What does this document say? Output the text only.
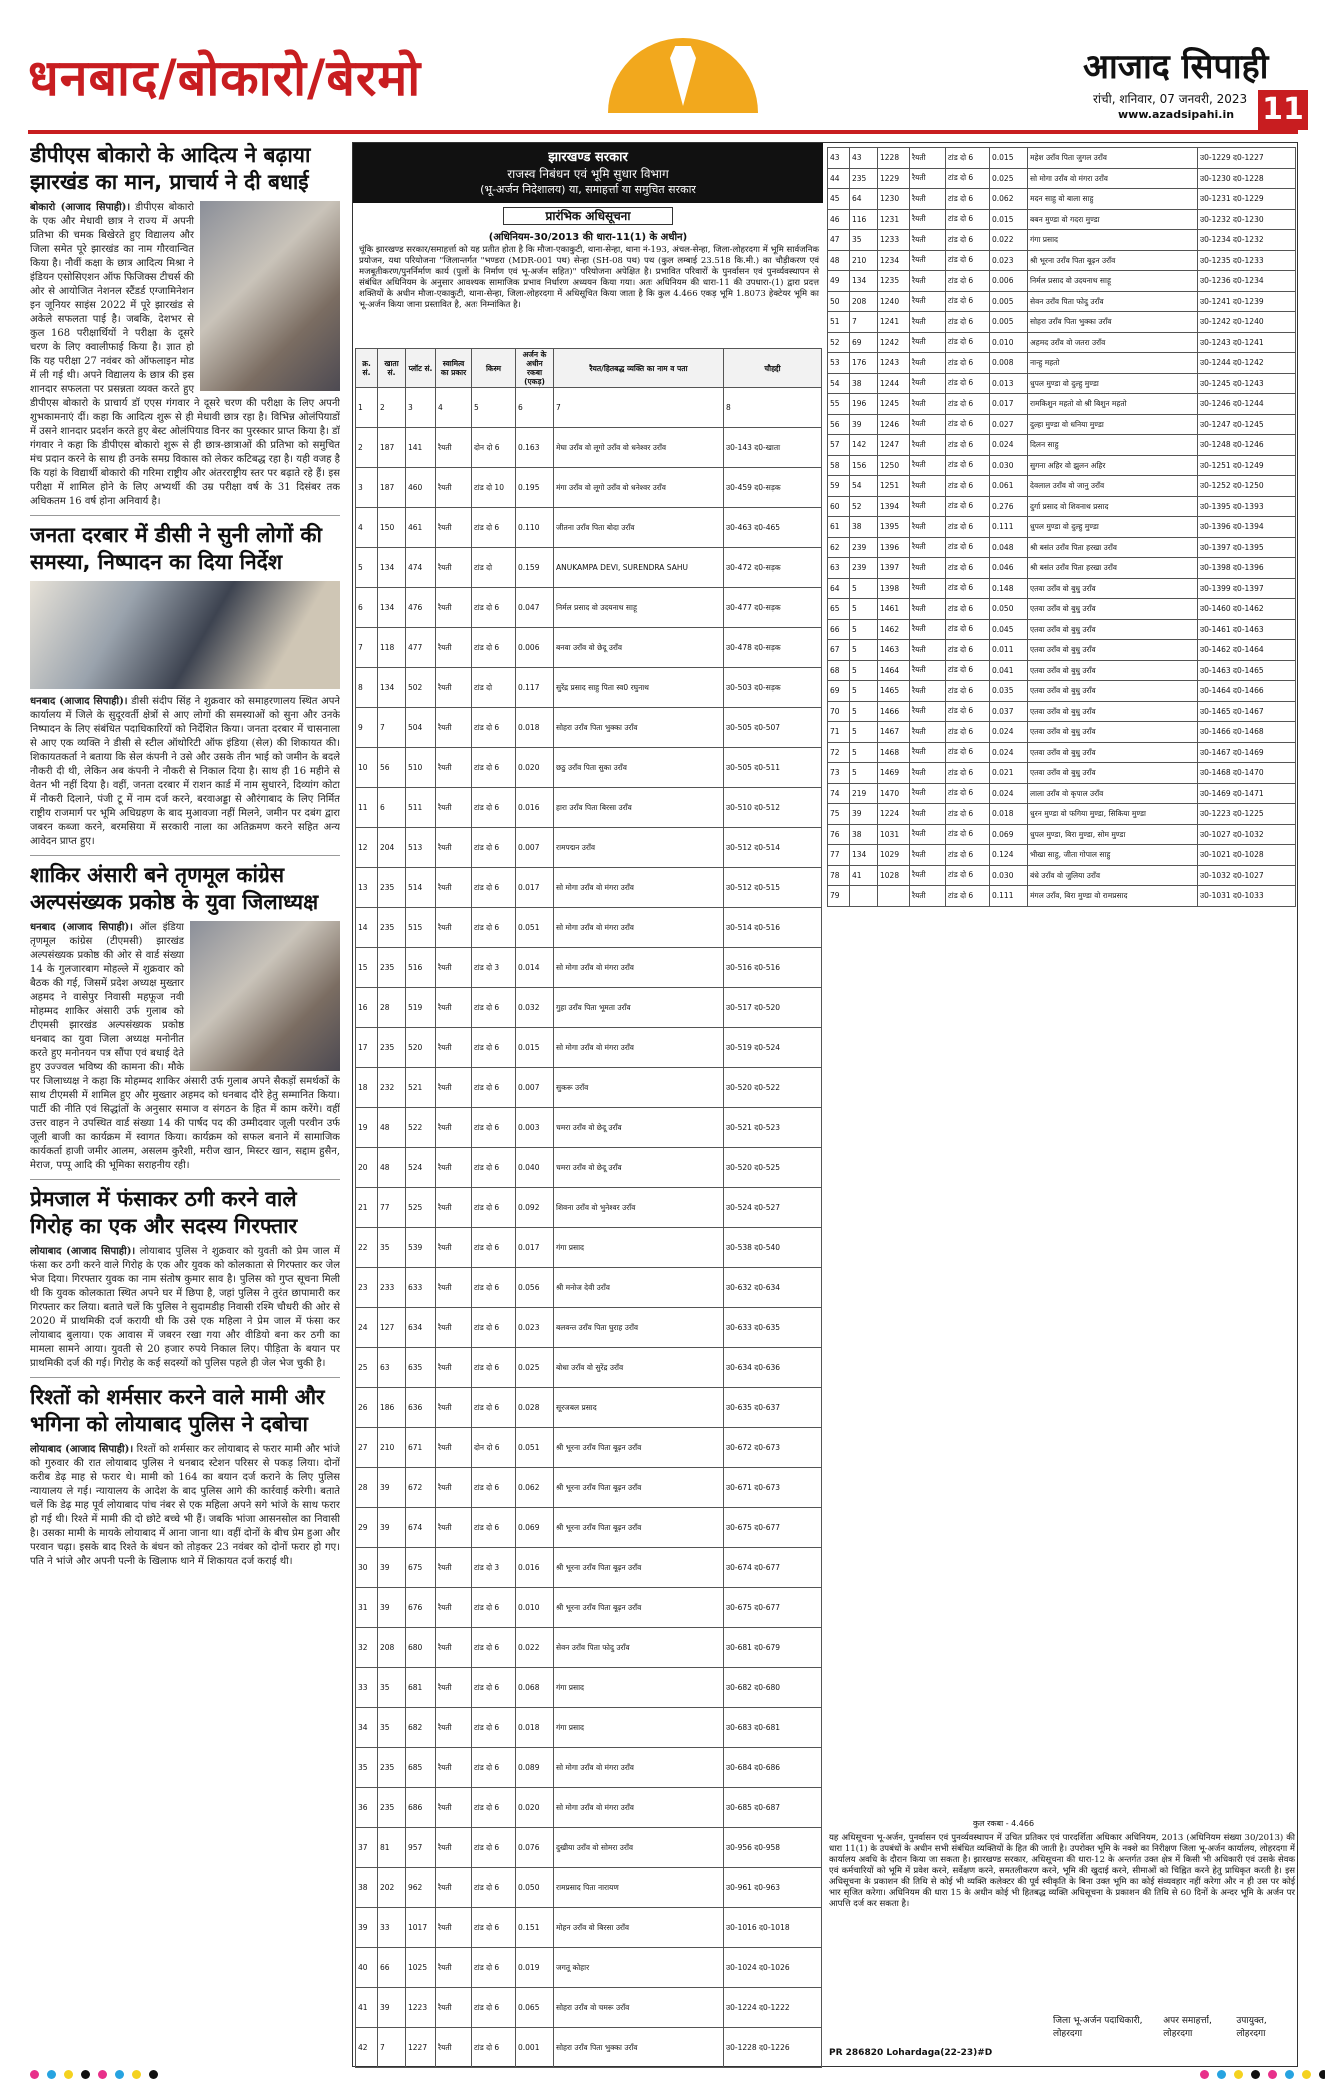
धनबाद/बोकारो/बेरमो	आजाद सिपाही
रांची, शनिवार, 07 जनवरी, 2023
www.azadsipahi.in 11
डीपीएस बोकारो के आदित्य ने बढ़ाया झारखंड का मान, प्राचार्य ने दी बधाई
बोकारो (आजाद सिपाही)। डीपीएस बोकारो के एक और मेधावी छात्र ने राज्य में अपनी प्रतिभा की चमक बिखेरते हुए विद्यालय और जिला समेत पूरे झारखंड का नाम गौरवान्वित किया है। नौवीं कक्षा के छात्र आदित्य मिश्रा ने इंडियन एसोसिएशन ऑफ फिजिक्स टीचर्स की ओर से आयोजित नेशनल स्टैंडर्ड एग्जामिनेशन इन जूनियर साइंस 2022 में पूरे झारखंड से अकेले सफलता पाई है। जबकि, देशभर से कुल 168 परीक्षार्थियों ने परीक्षा के दूसरे चरण के लिए क्वालीफाई किया है। ज्ञात हो कि यह परीक्षा 27 नवंबर को ऑफलाइन मोड में ली गई थी। अपने विद्यालय के छात्र की इस शानदार सफलता पर प्रसन्नता व्यक्त करते हुए डीपीएस बोकारो के प्राचार्य डॉ एएस गंगवार ने दूसरे चरण की परीक्षा के लिए अपनी शुभकामनाएं दीं। कहा कि आदित्य शुरू से ही मेधावी छात्र रहा है। विभिन्न ओलंपियाडों में उसने शानदार प्रदर्शन करते हुए बेस्ट ओलंपियाड विनर का पुरस्कार प्राप्त किया है। डॉ गंगवार ने कहा कि डीपीएस बोकारो शुरू से ही छात्र-छात्राओं की प्रतिभा को समुचित मंच प्रदान करने के साथ ही उनके समग्र विकास को लेकर कटिबद्ध रहा है। यही वजह है कि यहां के विद्यार्थी बोकारो की गरिमा राष्ट्रीय और अंतरराष्ट्रीय स्तर पर बढ़ाते रहे हैं। इस परीक्षा में शामिल होने के लिए अभ्यर्थी की उम्र परीक्षा वर्ष के 31 दिसंबर तक अधिकतम 16 वर्ष होना अनिवार्य है।
जनता दरबार में डीसी ने सुनी लोगों की समस्या, निष्पादन का दिया निर्देश
धनबाद (आजाद सिपाही)। डीसी संदीप सिंह ने शुक्रवार को समाहरणालय स्थित अपने कार्यालय में जिले के सुदूरवर्ती क्षेत्रों से आए लोगों की समस्याओं को सुना और उनके निष्पादन के लिए संबंधित पदाधिकारियों को निर्देशित किया। जनता दरबार में चासनाला से आए एक व्यक्ति ने डीसी से स्टील ऑथोरिटी ऑफ इंडिया (सेल) की शिकायत की। शिकायतकर्ता ने बताया कि सेल कंपनी ने उसे और उसके तीन भाई को जमीन के बदले नौकरी दी थी, लेकिन अब कंपनी ने नौकरी से निकाल दिया है। साथ ही 16 महीने से वेतन भी नहीं दिया है। वहीं, जनता दरबार में राशन कार्ड में नाम सुधारने, दिव्यांग कोटा में नौकरी दिलाने, पंजी टू में नाम दर्ज करने, बरवाअड्डा से औरंगाबाद के लिए निर्मित राष्ट्रीय राजमार्ग पर भूमि अधिग्रहण के बाद मुआवजा नहीं मिलने, जमीन पर दबंग द्वारा जबरन कब्जा करने, बरमसिया में सरकारी नाला का अतिक्रमण करने सहित अन्य आवेदन प्राप्त हुए।
शाकिर अंसारी बने तृणमूल कांग्रेस अल्पसंख्यक प्रकोष्ठ के युवा जिलाध्यक्ष
धनबाद (आजाद सिपाही)। ऑल इंडिया तृणमूल कांग्रेस (टीएमसी) झारखंड अल्पसंख्यक प्रकोष्ठ की ओर से वार्ड संख्या 14 के गुलजारबाग मोहल्ले में शुक्रवार को बैठक की गई, जिसमें प्रदेश अध्यक्ष मुख्तार अहमद ने वासेपुर निवासी महफूज नवी मोहम्मद शाकिर अंसारी उर्फ गुलाब को टीएमसी झारखंड अल्पसंख्यक प्रकोष्ठ धनबाद का युवा जिला अध्यक्ष मनोनीत करते हुए मनोनयन पत्र सौंपा एवं बधाई देते हुए उज्ज्वल भविष्य की कामना की। मौके पर जिलाध्यक्ष ने कहा कि मोहम्मद शाकिर अंसारी उर्फ गुलाब अपने सैकड़ों समर्थकों के साथ टीएमसी में शामिल हुए और मुख्तार अहमद को धनबाद दौरे हेतु सम्मानित किया। पार्टी की नीति एवं सिद्धांतों के अनुसार समाज व संगठन के हित में काम करेंगे। वहीं उत्तर वाहन ने उपस्थित वार्ड संख्या 14 की पार्षद पद की उम्मीदवार जूली परवीन उर्फ जूली बाजी का कार्यक्रम में स्वागत किया। कार्यक्रम को सफल बनाने में सामाजिक कार्यकर्ता हाजी जमीर आलम, असलम कुरैशी, मरीज खान, मिस्टर खान, सद्दाम हुसैन, मेराज, पप्पू आदि की भूमिका सराहनीय रही।
प्रेमजाल में फंसाकर ठगी करने वाले गिरोह का एक और सदस्य गिरफ्तार
लोयाबाद (आजाद सिपाही)। लोयाबाद पुलिस ने शुक्रवार को युवती को प्रेम जाल में फंसा कर ठगी करने वाले गिरोह के एक और युवक को कोलकाता से गिरफ्तार कर जेल भेज दिया। गिरफ्तार युवक का नाम संतोष कुमार साव है। पुलिस को गुप्त सूचना मिली थी कि युवक कोलकाता स्थित अपने घर में छिपा है, जहां पुलिस ने तुरंत छापामारी कर गिरफ्तार कर लिया। बताते चलें कि पुलिस ने सुदामडीह निवासी रश्मि चौधरी की ओर से 2020 में प्राथमिकी दर्ज करायी थी कि उसे एक महिला ने प्रेम जाल में फंसा कर लोयाबाद बुलाया। एक आवास में जबरन रखा गया और वीडियो बना कर ठगी का मामला सामने आया। युवती से 20 हजार रुपये निकाल लिए। पीड़िता के बयान पर प्राथमिकी दर्ज की गई। गिरोह के कई सदस्यों को पुलिस पहले ही जेल भेज चुकी है।
रिश्तों को शर्मसार करने वाले मामी और भगिना को लोयाबाद पुलिस ने दबोचा
लोयाबाद (आजाद सिपाही)। रिश्तों को शर्मसार कर लोयाबाद से फरार मामी और भांजे को गुरुवार की रात लोयाबाद पुलिस ने धनबाद स्टेशन परिसर से पकड़ लिया। दोनों करीब डेढ़ माह से फरार थे। मामी को 164 का बयान दर्ज कराने के लिए पुलिस न्यायालय ले गई। न्यायालय के आदेश के बाद पुलिस आगे की कार्रवाई करेगी। बताते चलें कि डेढ़ माह पूर्व लोयाबाद पांच नंबर से एक महिला अपने सगे भांजे के साथ फरार हो गई थी। रिश्ते में मामी की दो छोटे बच्चे भी हैं। जबकि भांजा आसनसोल का निवासी है। उसका मामी के मायके लोयाबाद में आना जाना था। वहीं दोनों के बीच प्रेम हुआ और परवान चढ़ा। इसके बाद रिश्ते के बंधन को तोड़कर 23 नवंबर को दोनों फरार हो गए। पति ने भांजे और अपनी पत्नी के खिलाफ थाने में शिकायत दर्ज कराई थी।
झारखण्ड सरकार
राजस्व निबंधन एवं भूमि सुधार विभाग
(भू-अर्जन निदेशालय) या, समाहर्त्ता या समुचित सरकार
प्रारंभिक अधिसूचना
(अधिनियम-30/2013 की धारा-11(1) के अधीन)
चूंकि झारखण्ड सरकार/समाहर्त्ता को यह प्रतीत होता है कि मौजा-एकाकुटी, थाना-सेन्हा, थाना नं-193, अंचल-सेन्हा, जिला-लोहरदगा में भूमि सार्वजनिक प्रयोजन, यथा परियोजना "जिलान्तर्गत "भण्डरा (MDR-001 पथ) सेन्हा (SH-08 पथ) पथ (कुल लम्बाई 23.518 कि.मी.) का चौड़ीकरण एवं मजबूतीकरण/पुनर्निर्माण कार्य (पुलों के निर्माण एवं भू-अर्जन सहित)" परियोजना अपेक्षित है। प्रभावित परिवारों के पुनर्वासन एवं पुनर्व्यवस्थापन से संबंधित अधिनियम के अनुसार आवश्यक सामाजिक प्रभाव निर्धारण अध्ययन किया गया। अतः अधिनियम की धारा-11 की उपधारा-(1) द्वारा प्रदत्त शक्तियों के अधीन मौजा-एकाकुटी, थाना-सेन्हा, जिला-लोहरदगा में अधिसूचित किया जाता है कि कुल 4.466 एकड़ भूमि 1.8073 हेक्टेयर भूमि का भू-अर्जन किया जाना प्रस्तावित है, अतः निम्नांकित है।
क्र. सं.	खाता सं.	प्लॉट सं.	स्वामित्व का प्रकार	किस्म	अर्जन के अधीन रकबा (एकड़)	रैयत/हितबद्ध व्यक्ति का नाम व पता	चौहद्दी
1	2	3	4	5	6	7	8
2	187	141	रैयती	दोन दो 6	0.163	मेघा उराँव वो लूगो उराँव वो धनेश्वर उराँव	उ0-143 द0-खाता
3	187	460	रैयती	टांड दो 10	0.195	मंगा उराँव वो लूगो उराँव वो धनेश्वर उराँव	उ0-459 द0-सड़क
4	150	461	रैयती	टांड दो 6	0.110	जीतना उराँव पिता बोदा उराँव	उ0-463 द0-465
5	134	474	रैयती	टांड दो	0.159	ANUKAMPA DEVI, SURENDRA SAHU	उ0-472 द0-सड़क
6	134	476	रैयती	टांड दो 6	0.047	निर्मल प्रसाद वो उदयनाथ साहू	उ0-477 द0-सड़क
7	118	477	रैयती	टांड दो 6	0.006	बनवा उराँव वो छेदू उराँव	उ0-478 द0-सड़क
8	134	502	रैयती	टांड दो	0.117	सुरेंद्र प्रसाद साहु पिता स्व0 रघुनाथ	उ0-503 द0-सड़क
9	7	504	रैयती	टांड दो 6	0.018	सोहरा उराँव पिता भुक्का उराँव	उ0-505 द0-507
10	56	510	रैयती	टांड दो 6	0.020	छठु उराँव पिता सुका उराँव	उ0-505 द0-511
11	6	511	रैयती	टांड दो 6	0.016	हारा उराँव पिता बिरसा उराँव	उ0-510 द0-512
12	204	513	रैयती	टांड दो 6	0.007	रामपद्मन उराँव	उ0-512 द0-514
13	235	514	रैयती	टांड दो 6	0.017	सो मोगा उराँव वो मंगरा उराँव	उ0-512 द0-515
14	235	515	रैयती	टांड दो 6	0.051	सो मोगा उराँव वो मंगरा उराँव	उ0-514 द0-516
15	235	516	रैयती	टांड दो 3	0.014	सो मोगा उराँव वो मंगरा उराँव	उ0-516 द0-516
16	28	519	रैयती	टांड दो 6	0.032	गुहा उराँव पिता भूमता उराँव	उ0-517 द0-520
17	235	520	रैयती	टांड दो 6	0.015	सो मोगा उराँव वो मंगरा उराँव	उ0-519 द0-524
18	232	521	रैयती	टांड दो 6	0.007	सुकरू उराँव	उ0-520 द0-522
19	48	522	रैयती	टांड दो 6	0.003	चमरा उराँव वो छेदू उराँव	उ0-521 द0-523
20	48	524	रैयती	टांड दो 6	0.040	चमरा उराँव वो छेदू उराँव	उ0-520 द0-525
21	77	525	रैयती	टांड दो 6	0.092	शिवना उराँव वो भुनेश्वर उराँव	उ0-524 द0-527
22	35	539	रैयती	टांड दो 6	0.017	गंगा प्रसाद	उ0-538 द0-540
23	233	633	रैयती	टांड दो 6	0.056	श्री मनोज देवी उराँव	उ0-632 द0-634
24	127	634	रैयती	टांड दो 6	0.023	बलवन्त उराँव पिता घुराह उराँव	उ0-633 द0-635
25	63	635	रैयती	टांड दो 6	0.025	बोधा उराँव वो सुरेंद्र उराँव	उ0-634 द0-636
26	186	636	रैयती	टांड दो 6	0.028	सूरजबल प्रसाद	उ0-635 द0-637
27	210	671	रैयती	दोन दो 6	0.051	श्री भूरना उराँव पिता बूढ़न उराँव	उ0-672 द0-673
28	39	672	रैयती	टांड दो 6	0.062	श्री भूरना उराँव पिता बूढ़न उराँव	उ0-671 द0-673
29	39	674	रैयती	टांड दो 6	0.069	श्री भूरना उराँव पिता बूढ़न उराँव	उ0-675 द0-677
30	39	675	रैयती	टांड दो 3	0.016	श्री भूरना उराँव पिता बूढ़न उराँव	उ0-674 द0-677
31	39	676	रैयती	टांड दो 6	0.010	श्री भूरना उराँव पिता बूढ़न उराँव	उ0-675 द0-677
32	208	680	रैयती	टांड दो 6	0.022	सेवन उराँव पिता फोदु उराँव	उ0-681 द0-679
33	35	681	रैयती	टांड दो 6	0.068	गंगा प्रसाद	उ0-682 द0-680
34	35	682	रैयती	टांड दो 6	0.018	गंगा प्रसाद	उ0-683 द0-681
35	235	685	रैयती	टांड दो 6	0.089	सो मोगा उराँव वो मंगरा उराँव	उ0-684 द0-686
36	235	686	रैयती	टांड दो 6	0.020	सो मोगा उराँव वो मंगरा उराँव	उ0-685 द0-687
37	81	957	रैयती	टांड दो 6	0.076	दुखीया उराँव वो सोमरा उराँव	उ0-956 द0-958
38	202	962	रैयती	टांड दो 6	0.050	रामप्रसाद पिता नारायण	उ0-961 द0-963
39	33	1017	रैयती	टांड दो 6	0.151	मोहन उराँव वो बिरसा उराँव	उ0-1016 द0-1018
40	66	1025	रैयती	टांड दो 6	0.019	जगतू कोहार	उ0-1024 द0-1026
41	39	1223	रैयती	टांड दो 6	0.065	सोहरा उराँव वो चमरू उराँव	उ0-1224 द0-1222
42	7	1227	रैयती	टांड दो 6	0.001	सोहरा उराँव पिता भुक्का उराँव	उ0-1228 द0-1226
43	43	1228	रैयती	टांड दो 6	0.015	महेश उराँव पिता जुगल उराँव	उ0-1229 द0-1227
44	235	1229	रैयती	टांड दो 6	0.025	सो मोगा उराँव वो मंगरा उराँव	उ0-1230 द0-1228
45	64	1230	रैयती	टांड दो 6	0.062	मदन साहु वो बाला साहु	उ0-1231 द0-1229
46	116	1231	रैयती	टांड दो 6	0.015	बबन मुण्डा वो गदरा मुण्डा	उ0-1232 द0-1230
47	35	1233	रैयती	टांड दो 6	0.022	गंगा प्रसाद	उ0-1234 द0-1232
48	210	1234	रैयती	टांड दो 6	0.023	श्री भूरना उराँव पिता बूढ़न उराँव	उ0-1235 द0-1233
49	134	1235	रैयती	टांड दो 6	0.006	निर्मल प्रसाद वो उदयनाथ साहू	उ0-1236 द0-1234
50	208	1240	रैयती	टांड दो 6	0.005	सेवन उराँव पिता फोदु उराँव	उ0-1241 द0-1239
51	7	1241	रैयती	टांड दो 6	0.005	सोहरा उराँव पिता भुक्का उराँव	उ0-1242 द0-1240
52	69	1242	रैयती	टांड दो 6	0.010	अहमद उराँव वो जतरा उराँव	उ0-1243 द0-1241
53	176	1243	रैयती	टांड दो 6	0.008	नान्हु महतो	उ0-1244 द0-1242
54	38	1244	रैयती	टांड दो 6	0.013	धुपल मुण्डा वो दुल्हु मुण्डा	उ0-1245 द0-1243
55	196	1245	रैयती	टांड दो 6	0.017	रामकिशुन महतो वो श्री बिशुन महतो	उ0-1246 द0-1244
56	39	1246	रैयती	टांड दो 6	0.027	दुल्हा मुण्डा वो धनिया मुण्डा	उ0-1247 द0-1245
57	142	1247	रैयती	टांड दो 6	0.024	दिलन साहु	उ0-1248 द0-1246
58	156	1250	रैयती	टांड दो 6	0.030	सुगना अहिर वो झुलन अहिर	उ0-1251 द0-1249
59	54	1251	रैयती	टांड दो 6	0.061	देवलाल उराँव वो जानु उराँव	उ0-1252 द0-1250
60	52	1394	रैयती	टांड दो 6	0.276	दुर्गा प्रसाद वो शिवनाथ प्रसाद	उ0-1395 द0-1393
61	38	1395	रैयती	टांड दो 6	0.111	धुपल मुण्डा वो दुल्हु मुण्डा	उ0-1396 द0-1394
62	239	1396	रैयती	टांड दो 6	0.048	श्री बसंत उराँव पिता हरखा उराँव	उ0-1397 द0-1395
63	239	1397	रैयती	टांड दो 6	0.046	श्री बसंत उराँव पिता हरखा उराँव	उ0-1398 द0-1396
64	5	1398	रैयती	टांड दो 6	0.148	एतवा उराँव वो बुधु उराँव	उ0-1399 द0-1397
65	5	1461	रैयती	टांड दो 6	0.050	एतवा उराँव वो बुधु उराँव	उ0-1460 द0-1462
66	5	1462	रैयती	टांड दो 6	0.045	एतवा उराँव वो बुधु उराँव	उ0-1461 द0-1463
67	5	1463	रैयती	टांड दो 6	0.011	एतवा उराँव वो बुधु उराँव	उ0-1462 द0-1464
68	5	1464	रैयती	टांड दो 6	0.041	एतवा उराँव वो बुधु उराँव	उ0-1463 द0-1465
69	5	1465	रैयती	टांड दो 6	0.035	एतवा उराँव वो बुधु उराँव	उ0-1464 द0-1466
70	5	1466	रैयती	टांड दो 6	0.037	एतवा उराँव वो बुधु उराँव	उ0-1465 द0-1467
71	5	1467	रैयती	टांड दो 6	0.024	एतवा उराँव वो बुधु उराँव	उ0-1466 द0-1468
72	5	1468	रैयती	टांड दो 6	0.024	एतवा उराँव वो बुधु उराँव	उ0-1467 द0-1469
73	5	1469	रैयती	टांड दो 6	0.021	एतवा उराँव वो बुधु उराँव	उ0-1468 द0-1470
74	219	1470	रैयती	टांड दो 6	0.024	लाला उराँव वो कृपाल उराँव	उ0-1469 द0-1471
75	39	1224	रैयती	टांड दो 6	0.018	धुरन मुण्डा वो फगिया मुण्डा, सिकिया मुण्डा	उ0-1223 द0-1225
76	38	1031	रैयती	टांड दो 6	0.069	धुपल मुण्डा, बिरा मुण्डा, सोम मुण्डा	उ0-1027 द0-1032
77	134	1029	रैयती	टांड दो 6	0.124	भीखा साहु, जीता गोपाल साहु	उ0-1021 द0-1028
78	41	1028	रैयती	टांड दो 6	0.030	बंधे उराँव वो जुलिया उराँव	उ0-1032 द0-1027
79			रैयती	टांड दो 6	0.111	मंगल उराँव, बिरा मुण्डा वो रामप्रसाद	उ0-1031 द0-1033
कुल रकबा - 4.466
यह अधिसूचना भू-अर्जन, पुनर्वासन एवं पुनर्व्यवस्थापन में उचित प्रतिकर एवं पारदर्शिता अधिकार अधिनियम, 2013 (अधिनियम संख्या 30/2013) की धारा 11(1) के उपबंधों के अधीन सभी संबंधित व्यक्तियों के हित की जाती है। उपरोक्त भूमि के नक्शे का निरीक्षण जिला भू-अर्जन कार्यालय, लोहरदगा में कार्यालय अवधि के दौरान किया जा सकता है। झारखण्ड सरकार, अधिसूचना की धारा-12 के अन्तर्गत उक्त क्षेत्र में किसी भी अधिकारी एवं उसके सेवक एवं कर्मचारियों को भूमि में प्रवेश करने, सर्वेक्षण करने, समतलीकरण करने, भूमि की खुदाई करने, सीमाओं को चिह्नित करने हेतु प्राधिकृत करती है। इस अधिसूचना के प्रकाशन की तिथि से कोई भी व्यक्ति कलेक्टर की पूर्व स्वीकृति के बिना उक्त भूमि का कोई संव्यवहार नहीं करेगा और न ही उस पर कोई भार सृजित करेगा। अधिनियम की धारा 15 के अधीन कोई भी हितबद्ध व्यक्ति अधिसूचना के प्रकाशन की तिथि से 60 दिनों के अन्दर भूमि के अर्जन पर आपत्ति दर्ज कर सकता है।
जिला भू-अर्जन पदाधिकारी, लोहरदगा
अपर समाहर्त्ता, लोहरदगा
उपायुक्त, लोहरदगा
PR 286820 Lohardaga(22-23)#D
